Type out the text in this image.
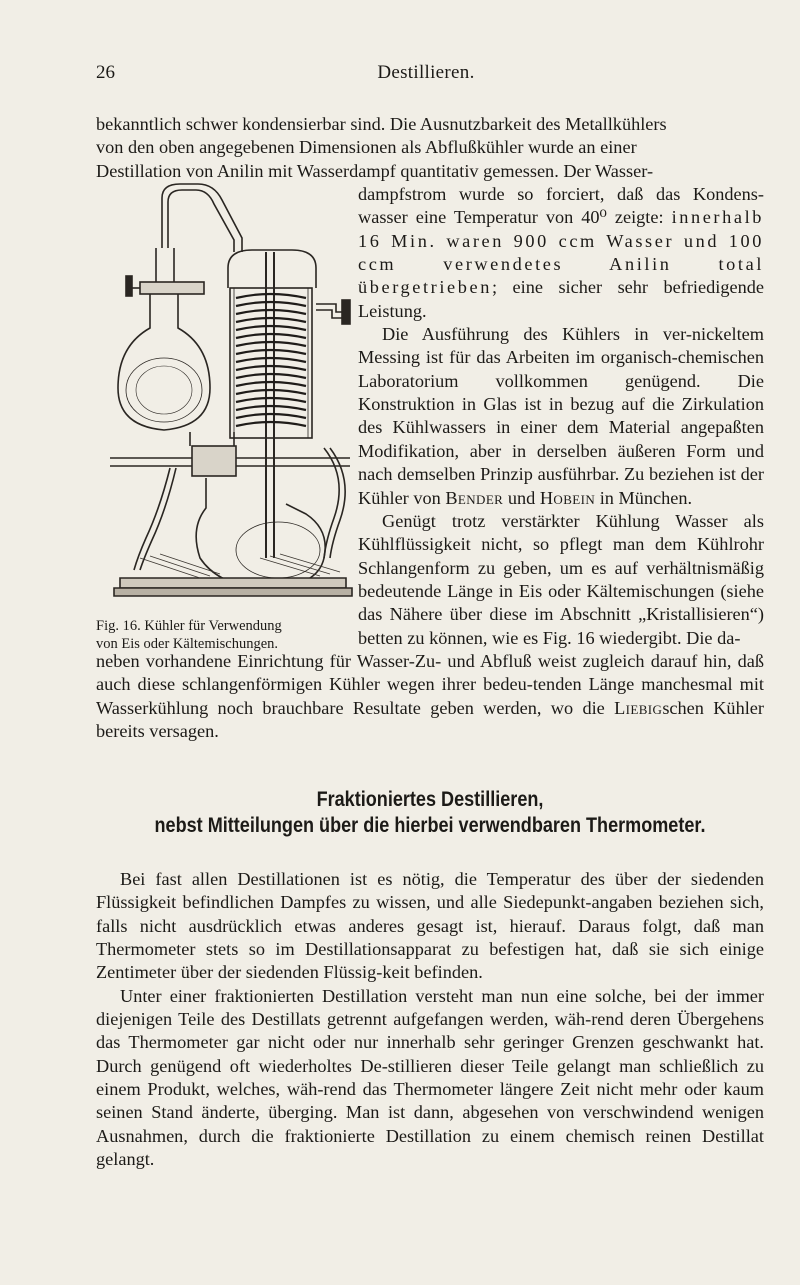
26	Destillieren.
bekanntlich schwer kondensierbar sind. Die Ausnutzbarkeit des Metallkühlers
von den oben angegebenen Dimensionen als Abflußkühler wurde an einer
Destillation von Anilin mit Wasserdampf quantitativ gemessen. Der Wasser-
dampfstrom wurde so forciert, daß das Kondens-wasser eine Temperatur von 40⁰ zeigte: innerhalb 16 Min. waren 900 ccm Wasser und 100 ccm verwendetes Anilin total übergetrieben; eine sicher sehr befriedigende Leistung.
Die Ausführung des Kühlers in ver-nickeltem Messing ist für das Arbeiten im organisch-chemischen Laboratorium vollkommen genügend. Die Konstruktion in Glas ist in bezug auf die Zirkulation des Kühlwassers in einer dem Material angepaßten Modifikation, aber in derselben äußeren Form und nach demselben Prinzip ausführbar. Zu beziehen ist der Kühler von Bender und Hobein in München.
Genügt trotz verstärkter Kühlung Wasser als Kühlflüssigkeit nicht, so pflegt man dem Kühlrohr Schlangenform zu geben, um es auf verhältnismäßig bedeutende Länge in Eis oder Kältemischungen (siehe das Nähere über diese im Abschnitt „Kristallisieren“) betten zu können, wie es Fig. 16 wiedergibt. Die da-
neben vorhandene Einrichtung für Wasser-Zu- und Abfluß weist zugleich darauf hin, daß auch diese schlangenförmigen Kühler wegen ihrer bedeu-tenden Länge manchesmal mit Wasserkühlung noch brauchbare Resultate geben werden, wo die Liebigschen Kühler bereits versagen.
Fig. 16. Kühler für Verwendung
von Eis oder Kältemischungen.
Fraktioniertes Destillieren,
nebst Mitteilungen über die hierbei verwendbaren Thermometer.
Bei fast allen Destillationen ist es nötig, die Temperatur des über der siedenden Flüssigkeit befindlichen Dampfes zu wissen, und alle Siedepunkt-angaben beziehen sich, falls nicht ausdrücklich etwas anderes gesagt ist, hierauf. Daraus folgt, daß man Thermometer stets so im Destillationsapparat zu befestigen hat, daß sie sich einige Zentimeter über der siedenden Flüssig-keit befinden.
Unter einer fraktionierten Destillation versteht man nun eine solche, bei der immer diejenigen Teile des Destillats getrennt aufgefangen werden, wäh-rend deren Übergehens das Thermometer gar nicht oder nur innerhalb sehr geringer Grenzen geschwankt hat. Durch genügend oft wiederholtes De-stillieren dieser Teile gelangt man schließlich zu einem Produkt, welches, wäh-rend das Thermometer längere Zeit nicht mehr oder kaum seinen Stand änderte, überging. Man ist dann, abgesehen von verschwindend wenigen Ausnahmen, durch die fraktionierte Destillation zu einem chemisch reinen Destillat gelangt.
